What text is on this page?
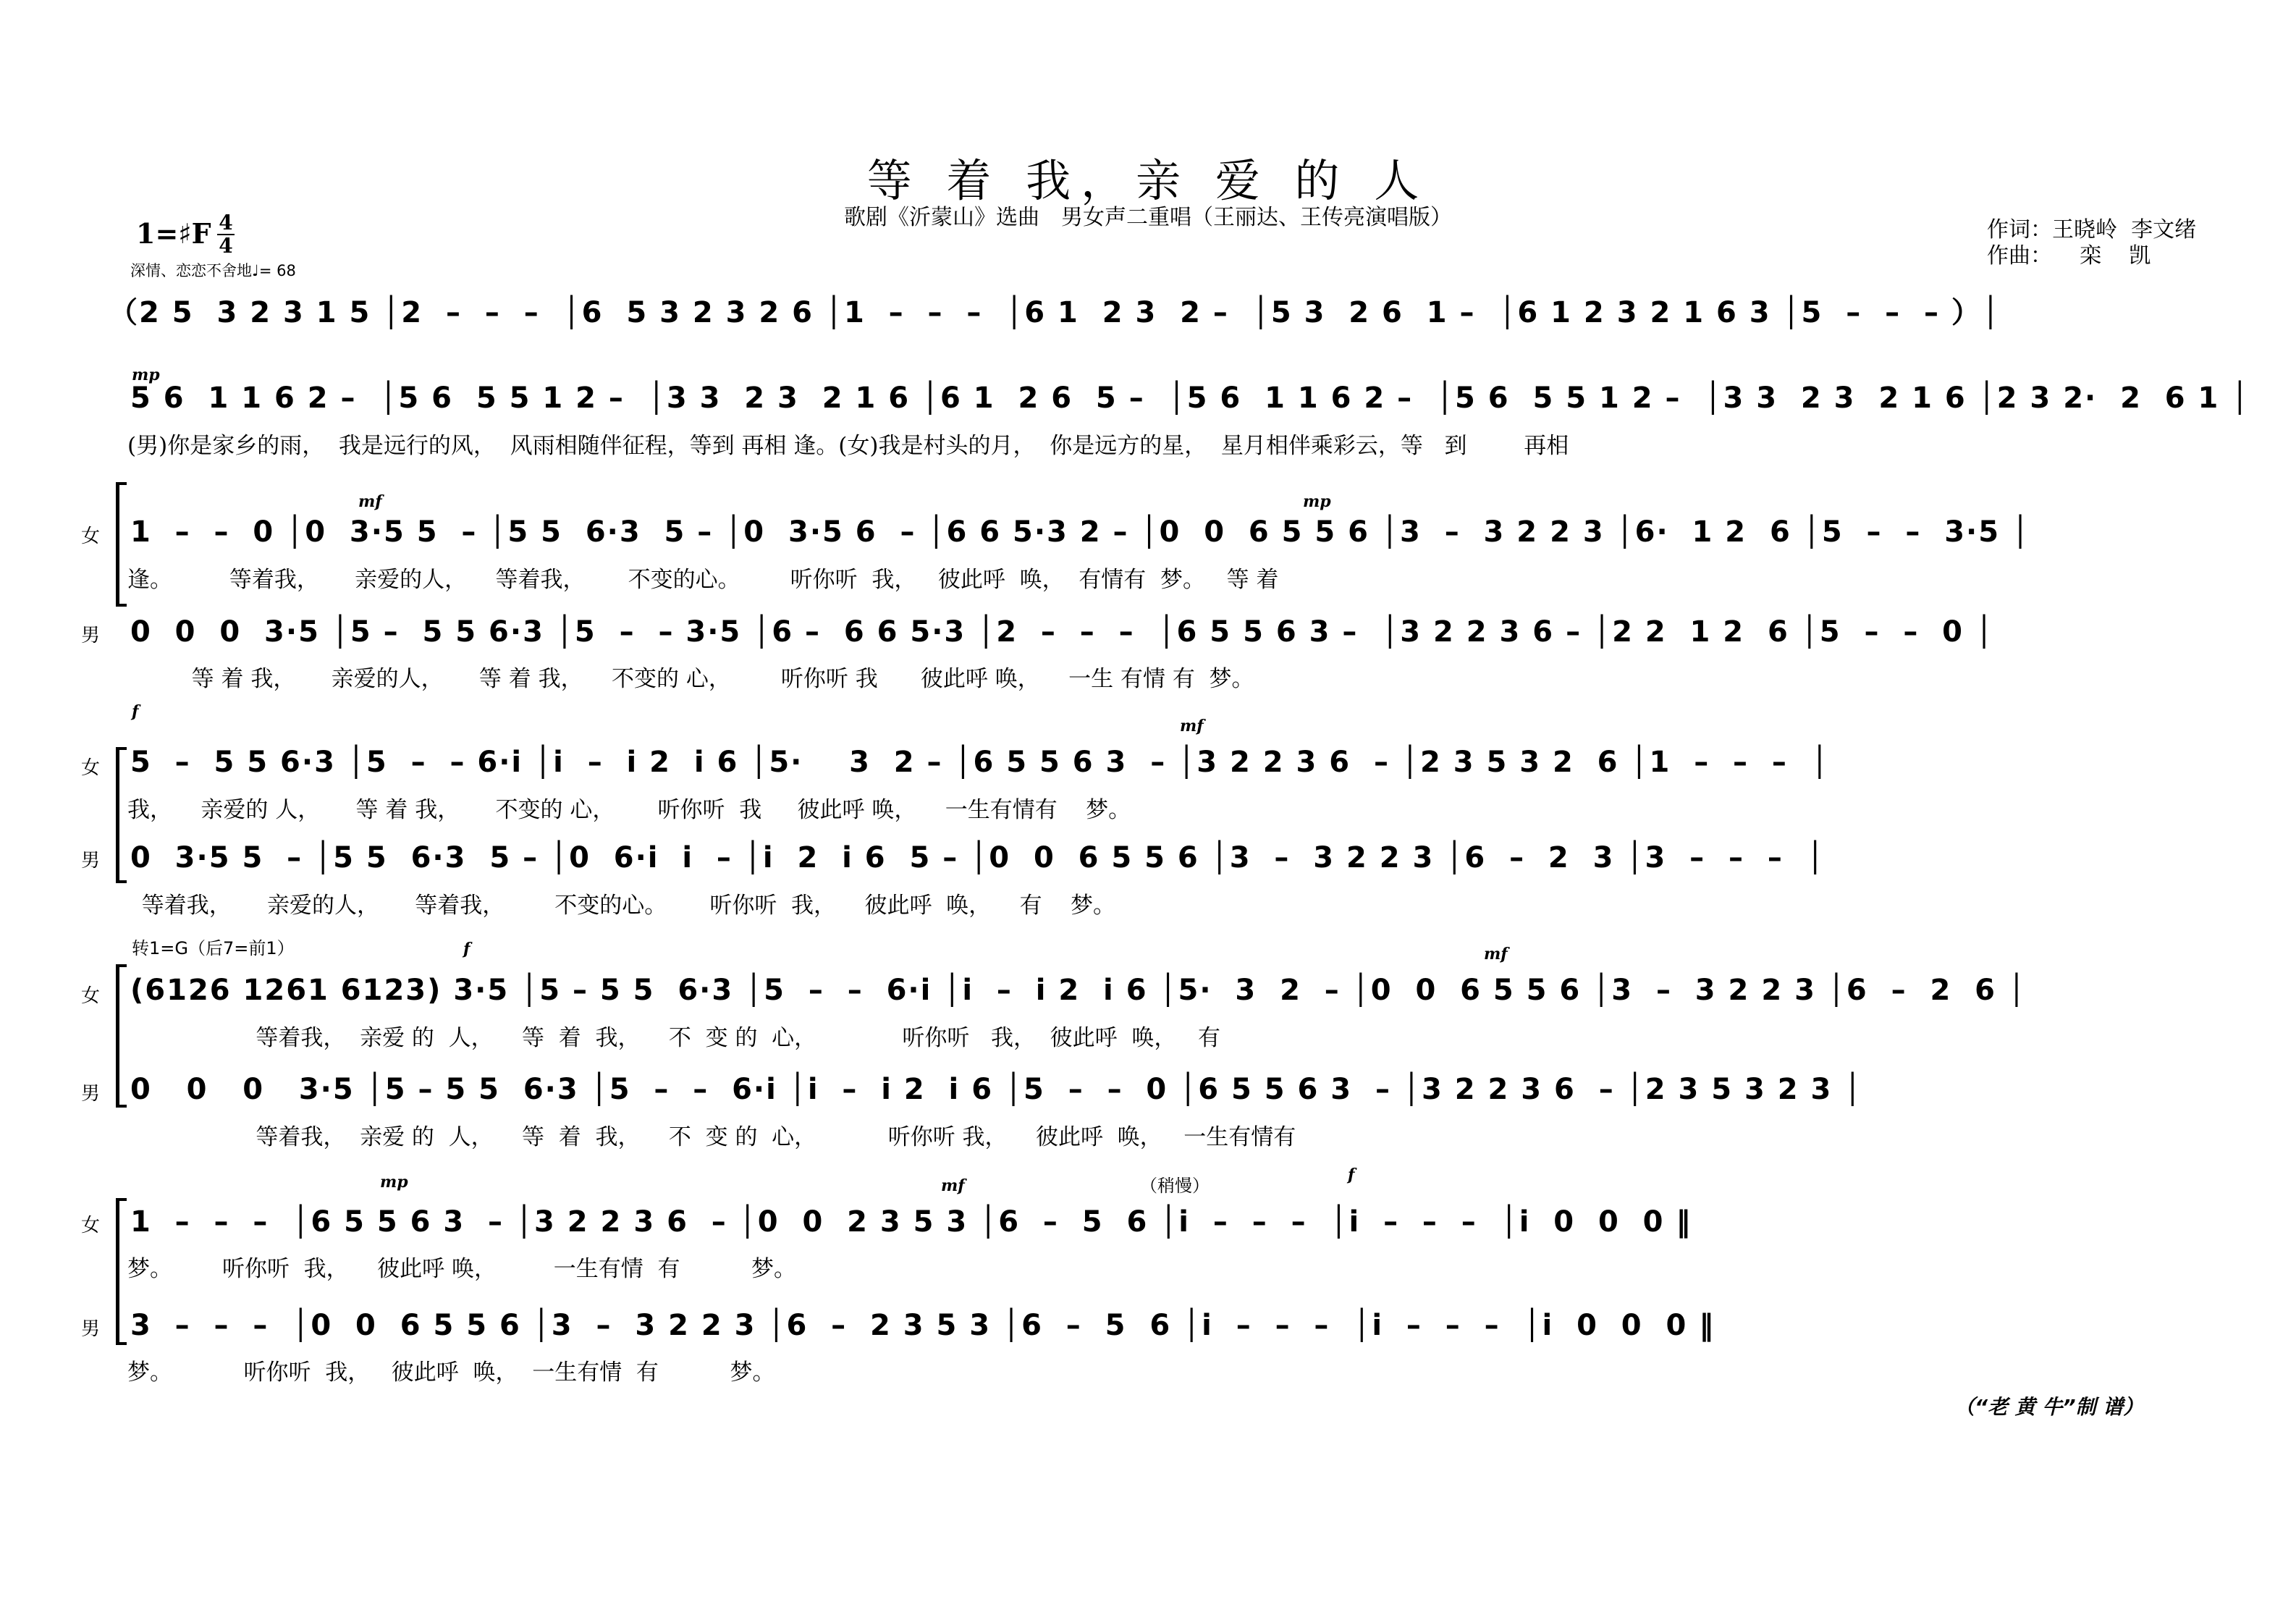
等 着 我，亲 爱 的 人
歌剧《沂蒙山》选曲　男女声二重唱（王丽达、王传亮演唱版）	作词：王晓岭  李文绪
作曲：    栾    凯
1=♯F 4
4
深情、恋恋不舍地♩= 68
（2 5  3 2 3 1 5 │2  –  –  –  │6  5 3 2 3 2 6 │1  –  –  –  │6 1  2 3  2 –  │5 3  2 6  1 –  │6 1 2 3 2 1 6 3 │5  –  –  – ）│
mp
5 6  1 1 6 2 –  │5 6  5 5 1 2 –  │3 3  2 3  2 1 6 │6 1  2 6  5 –  │5 6  1 1 6 2 –  │5 6  5 5 1 2 –  │3 3  2 3  2 1 6 │2 3 2·  2  6 1 │
(男)你是家乡的雨，  我是远行的风，  风雨相随伴征程，等到 再相 逢。(女)我是村头的月，  你是远方的星，  星月相伴乘彩云，等   到        再相
mf	mp
女 1  –  –  0 │0  3·5 5  – │5 5  6·3  5 – │0  3·5 6  – │6 6 5·3 2 – │0  0  6 5 5 6 │3  –  3 2 2 3 │6·  1 2  6 │5  –  –  3·5 │
逢。        等着我，     亲爱的人，    等着我，      不变的心。       听你听  我，   彼此呼  唤，  有情有  梦。   等 着
男 0  0  0  3·5 │5 –  5 5 6·3 │5  –  – 3·5 │6 –  6 6 5·3 │2  –  –  –  │6 5 5 6 3 –  │3 2 2 3 6 – │2 2  1 2  6 │5  –  –  0 │
等 着 我，     亲爱的人，     等 着 我，    不变的 心，       听你听 我      彼此呼 唤，    一生 有情 有  梦。
f
mf
女 5  –  5 5 6·3 │5  –  – 6·i │i  –  i 2  i 6 │5·    3  2 – │6 5 5 6 3  – │3 2 2 3 6  – │2 3 5 3 2  6 │1  –  –  –  │
我，    亲爱的 人，     等 着 我，     不变的 心，      听你听  我     彼此呼 唤，    一生有情有    梦。
男 0  3·5 5  – │5 5  6·3  5 – │0  6·i  i  – │i  2  i 6  5 – │0  0  6 5 5 6 │3  –  3 2 2 3 │6  –  2  3 │3  –  –  –  │
等着我，     亲爱的人，     等着我，       不变的心。      听你听  我，    彼此呼  唤，    有    梦。
转1=G（后7=前1）	f	mf
女 (6126 1261 6123) 3·5 │5 – 5 5  6·3 │5  –  –  6·i │i  –  i 2  i 6 │5·  3  2  – │0  0  6 5 5 6 │3  –  3 2 2 3 │6  –  2  6 │
等着我，  亲爱 的  人，    等  着  我，    不  变 的  心，            听你听   我，  彼此呼  唤，   有
男 0   0   0   3·5 │5 – 5 5  6·3 │5  –  –  6·i │i  –  i 2  i 6 │5  –  –  0 │6 5 5 6 3  – │3 2 2 3 6  – │2 3 5 3 2 3 │
等着我，  亲爱 的  人，    等  着  我，    不  变 的  心，          听你听 我，    彼此呼  唤，   一生有情有
（稍慢）
mp	mf
f
女 1  –  –  –  │6 5 5 6 3  – │3 2 2 3 6  – │0  0  2 3 5 3 │6  –  5  6 │i  –  –  –  │i  –  –  –  │i  0  0  0 ‖
梦。       听你听  我，    彼此呼 唤，        一生有情  有          梦。
男 3  –  –  –  │0  0  6 5 5 6 │3  –  3 2 2 3 │6  –  2 3 5 3 │6  –  5  6 │i  –  –  –  │i  –  –  –  │i  0  0  0 ‖
梦。          听你听  我，   彼此呼  唤，  一生有情  有          梦。
（“老 黄 牛”制 谱）
